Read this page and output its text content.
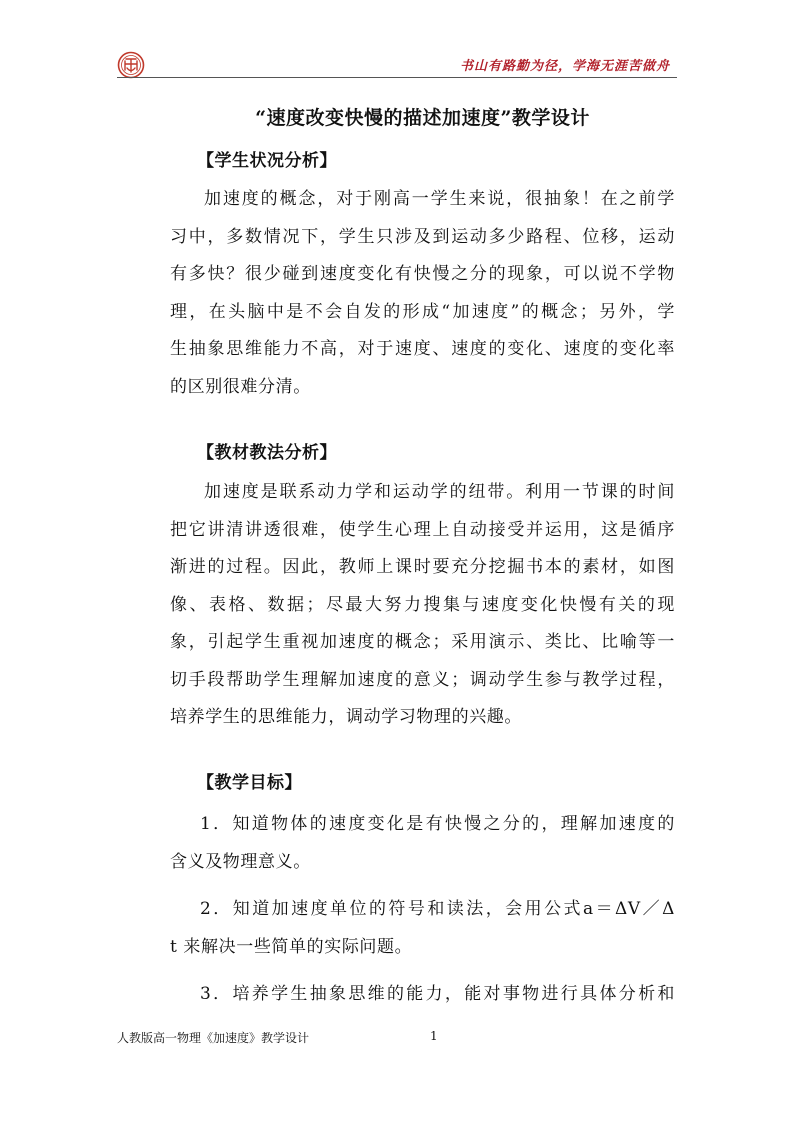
书山有路勤为径，学海无涯苦做舟
“速度改变快慢的描述加速度”教学设计
【学生状况分析】
加速度的概念，对于刚高一学生来说，很抽象！在之前学
习中，多数情况下，学生只涉及到运动多少路程、位移，运动
有多快？很少碰到速度变化有快慢之分的现象，可以说不学物
理，在头脑中是不会自发的形成“加速度”的概念；另外，学
生抽象思维能力不高，对于速度、速度的变化、速度的变化率
的区别很难分清。
【教材教法分析】
加速度是联系动力学和运动学的纽带。利用一节课的时间
把它讲清讲透很难，使学生心理上自动接受并运用，这是循序
渐进的过程。因此，教师上课时要充分挖掘书本的素材，如图
像、表格、数据；尽最大努力搜集与速度变化快慢有关的现
象，引起学生重视加速度的概念；采用演示、类比、比喻等一
切手段帮助学生理解加速度的意义；调动学生参与教学过程，
培养学生的思维能力，调动学习物理的兴趣。
【教学目标】
1．知道物体的速度变化是有快慢之分的，理解加速度的
含义及物理意义。
2．知道加速度单位的符号和读法，会用公式a＝ΔV／Δ
t 来解决一些简单的实际问题。
3．培养学生抽象思维的能力，能对事物进行具体分析和
人教版高一物理《加速度》教学设计	1
